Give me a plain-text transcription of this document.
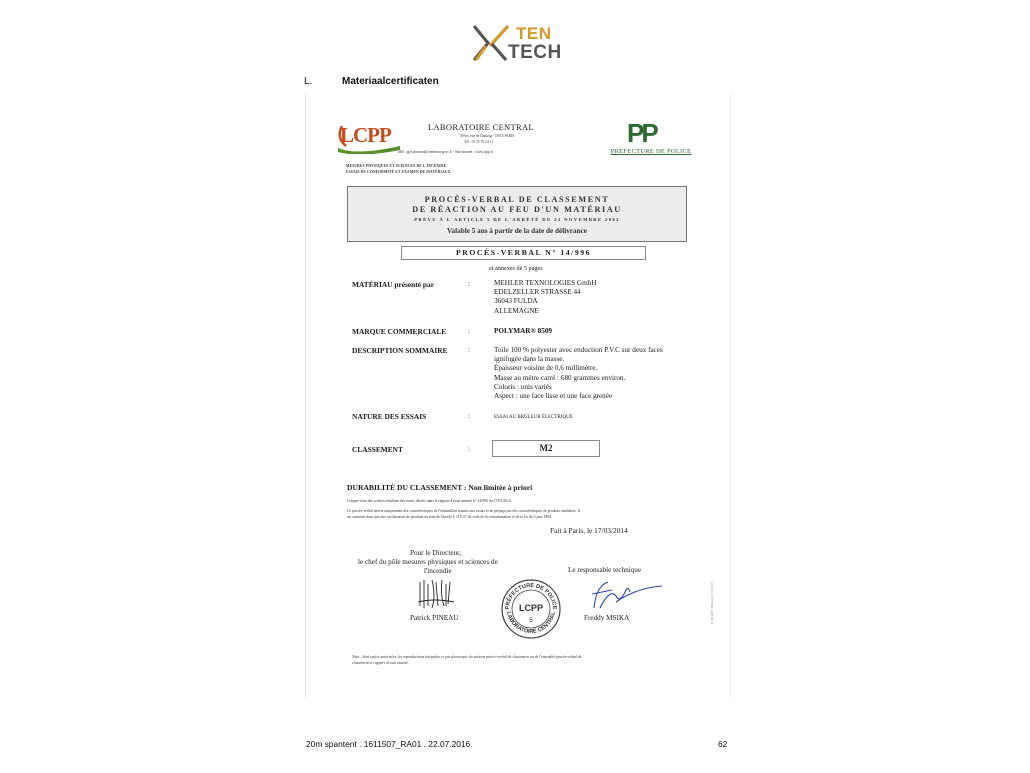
TEN
TECH
L.	Materiaalcertificaten
LCPP	LABORATOIRE CENTRAL
39 bis, rue de Dantzig - 75015 PARIS
Tél : 01 55 76 24 11
Mél : pp-labcentral@interieur.gouv.fr - Site internet : www.lcpp.fr
MESURES PHYSIQUES ET SCIENCES DE L'INCENDIE
ESSAIS DE CONFORMITÉ ET EXAMEN DE MATÉRIAUX
PP
PRÉFECTURE DE POLICE
PROCÈS-VERBAL DE CLASSEMENT
DE RÉACTION AU FEU D'UN MATÉRIAU
PRÉVU À L'ARTICLE 5 DE L'ARRÊTÉ DU 21 NOVEMBRE 2002
Valable 5 ans à partir de la date de délivrance
PROCÈS-VERBAL N° 14/996
et annexes de 5 pages
MATÉRIAU présenté par	:	MEHLER TEXNOLOGIES GmbH
EDELZELLER STRASSE 44
36043 FULDA
ALLEMAGNE
MARQUE COMMERCIALE	:	POLYMAR® 8509
DESCRIPTION SOMMAIRE	:	Toile 100 % polyester avec enduction P.V.C sur deux faces
ignifugée dans la masse.
Épaisseur voisine de 0,6 millimètre.
Masse au mètre carré : 680 grammes environ.
Coloris : unis variés
Aspect : une face lisse et une face grenée
NATURE DES ESSAIS	:	ESSAI AU BRÛLEUR ÉLECTRIQUE
CLASSEMENT	:	M2
DURABILITÉ DU CLASSEMENT : Non limitée à priori
Compte-tenu des critères résultant des essais décrits dans le rapport d'essai annexé n° 14/996 du 17/03/2014.
Ce procès-verbal atteste uniquement des caractéristiques de l'échantillon soumis aux essais et ne préjuge pas des caractéristiques de produits similaires. Il
ne constitue donc pas une certification de produits au sens de l'article L 115-27 du code de la consommation et de la loi du 3 juin 1994.
Fait à Paris, le 17/03/2014
Pour le Directeur,
le chef du pôle mesures physiques et sciences de
l'incendie
Patrick PINEAU
PRÉFECTURE DE POLICE
LABORATOIRE CENTRAL
LCPP
5
Le responsable technique
Freddy MSIKA	FOR.LBC.PPR-13.07.11.V05
Nota : Sont seules autorisées, les reproductions intégrales et par photocopie du présent procès-verbal de classement ou de l'ensemble procès-verbal de
classement et rapport d'essai annexé.
20m spantent . 1611507_RA01 . 22.07.2016	62
